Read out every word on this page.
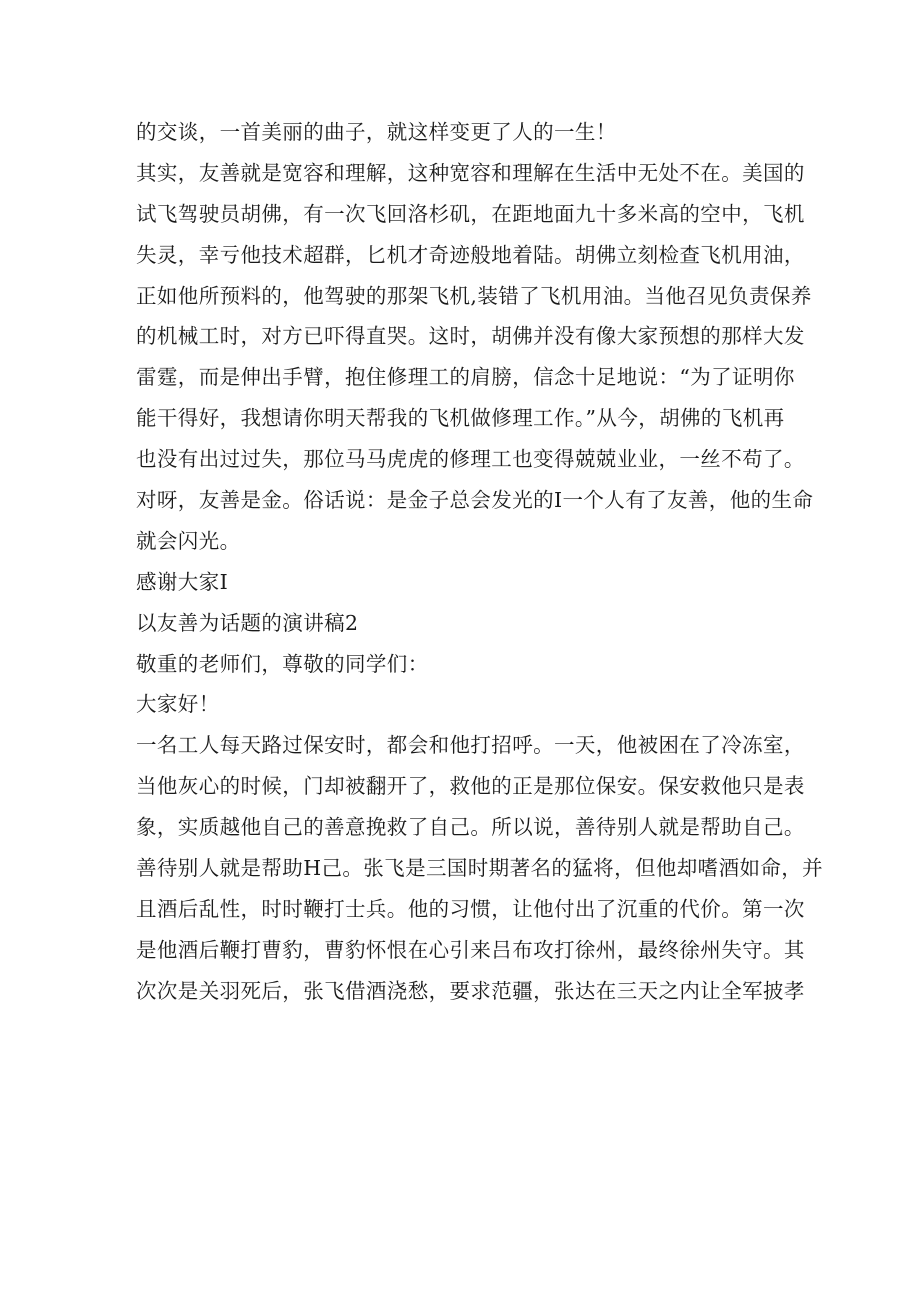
的交谈，一首美丽的曲子，就这样变更了人的一生！
其实，友善就是宽容和理解，这种宽容和理解在生活中无处不在。美国的
试飞驾驶员胡佛，有一次飞回洛杉矶，在距地面九十多米高的空中，飞机
失灵，幸亏他技术超群，匕机才奇迹般地着陆。胡佛立刻检查飞机用油，
正如他所预料的，他驾驶的那架飞机,装错了飞机用油。当他召见负责保养
的机械工时，对方已吓得直哭。这时，胡佛并没有像大家预想的那样大发
雷霆，而是伸出手臂，抱住修理工的肩膀，信念十足地说：“为了证明你
能干得好，我想请你明天帮我的飞机做修理工作。”从今，胡佛的飞机再
也没有出过过失，那位马马虎虎的修理工也变得兢兢业业，一丝不苟了。
对呀，友善是金。俗话说：是金子总会发光的I一个人有了友善，他的生命
就会闪光。
感谢大家I
以友善为话题的演讲稿2
敬重的老师们，尊敬的同学们：
大家好！
一名工人每天路过保安时，都会和他打招呼。一天，他被困在了冷冻室，
当他灰心的时候，门却被翻开了，救他的正是那位保安。保安救他只是表
象，实质越他自己的善意挽救了自己。所以说，善待别人就是帮助自己。
善待别人就是帮助H己。张飞是三国时期著名的猛将，但他却嗜酒如命，并
且酒后乱性，时时鞭打士兵。他的习惯，让他付出了沉重的代价。第一次
是他酒后鞭打曹豹，曹豹怀恨在心引来吕布攻打徐州，最终徐州失守。其
次次是关羽死后，张飞借酒浇愁，要求范疆，张达在三天之内让全军披孝
